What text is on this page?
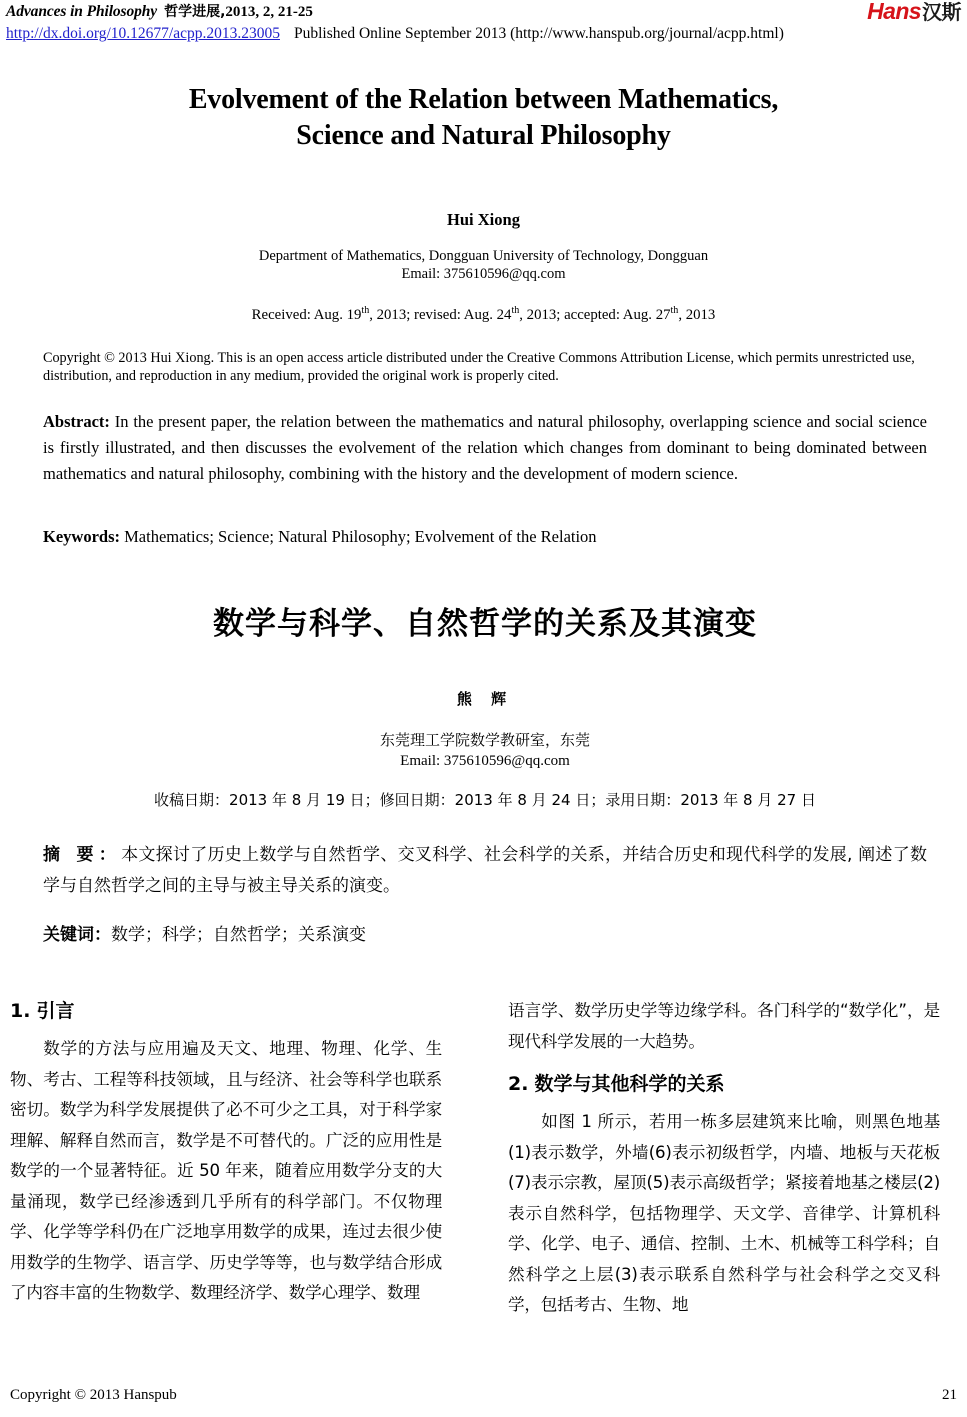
Advances in Philosophy 哲学进展,2013, 2, 21-25	Hans汉斯
http://dx.doi.org/10.12677/acpp.2013.23005 Published Online September 2013 (http://www.hanspub.org/journal/acpp.html)
Evolvement of the Relation between Mathematics,
Science and Natural Philosophy
Hui Xiong
Department of Mathematics, Dongguan University of Technology, Dongguan
Email: 375610596@qq.com
Received: Aug. 19th, 2013; revised: Aug. 24th, 2013; accepted: Aug. 27th, 2013
Copyright © 2013 Hui Xiong. This is an open access article distributed under the Creative Commons Attribution License, which permits unrestricted use, distribution, and reproduction in any medium, provided the original work is properly cited.
Abstract: In the present paper, the relation between the mathematics and natural philosophy, overlapping science and social science is firstly illustrated, and then discusses the evolvement of the relation which changes from dominant to being dominated between mathematics and natural philosophy, combining with the history and the development of modern science.
Keywords: Mathematics; Science; Natural Philosophy; Evolvement of the Relation
数学与科学、自然哲学的关系及其演变
熊 辉
东莞理工学院数学教研室，东莞
Email: 375610596@qq.com
收稿日期：2013 年 8 月 19 日；修回日期：2013 年 8 月 24 日；录用日期：2013 年 8 月 27 日
摘 要：本文探讨了历史上数学与自然哲学、交叉科学、社会科学的关系，并结合历史和现代科学的发展, 阐述了数学与自然哲学之间的主导与被主导关系的演变。
关键词：数学；科学；自然哲学；关系演变
1. 引言

数学的方法与应用遍及天文、地理、物理、化学、生物、考古、工程等科技领域，且与经济、社会等科学也联系密切。数学为科学发展提供了必不可少之工具，对于科学家理解、解释自然而言，数学是不可替代的。广泛的应用性是数学的一个显著特征。近 50 年来，随着应用数学分支的大量涌现，数学已经渗透到几乎所有的科学部门。不仅物理学、化学等学科仍在广泛地享用数学的成果，连过去很少使用数学的生物学、语言学、历史学等等，也与数学结合形成了内容丰富的生物数学、数理经济学、数学心理学、数理

语言学、数学历史学等边缘学科。各门科学的“数学化”，是现代科学发展的一大趋势。

2. 数学与其他科学的关系

如图 1 所示，若用一栋多层建筑来比喻，则黑色地基(1)表示数学，外墙(6)表示初级哲学，内墙、地板与天花板(7)表示宗教，屋顶(5)表示高级哲学；紧接着地基之楼层(2)表示自然科学，包括物理学、天文学、音律学、计算机科学、化学、电子、通信、控制、土木、机械等工科学科；自然科学之上层(3)表示联系自然科学与社会科学之交叉科学，包括考古、生物、地

Copyright © 2013 Hanspub	21
